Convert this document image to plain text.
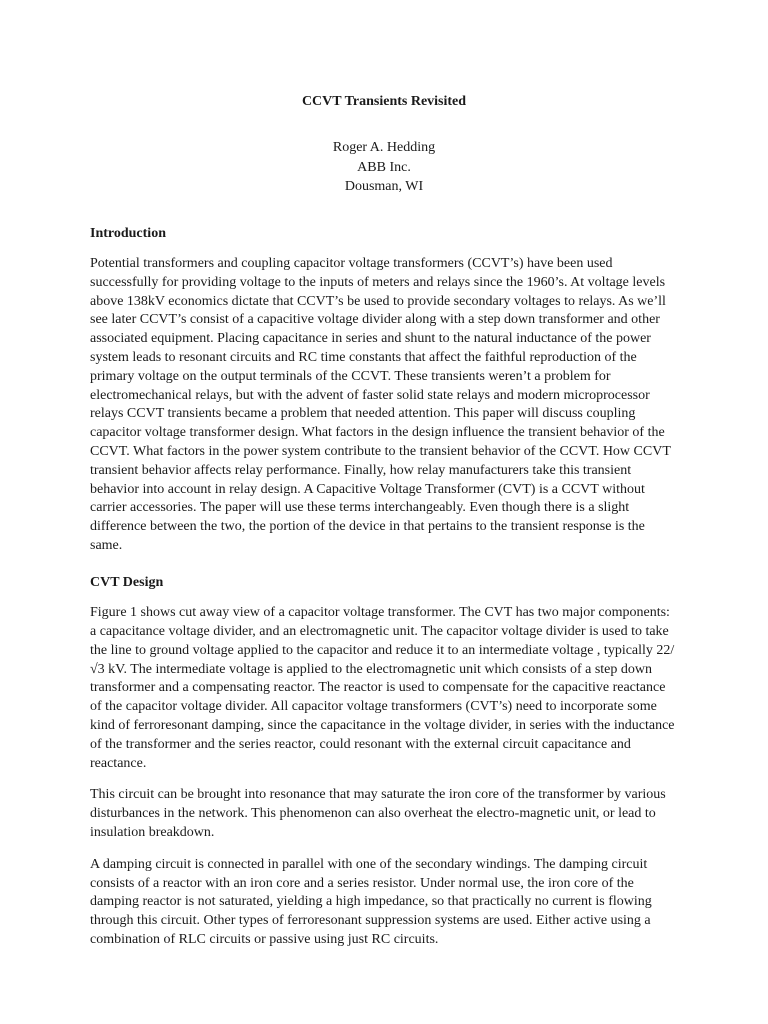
CCVT Transients Revisited
Roger A. Hedding
ABB Inc.
Dousman, WI
Introduction

Potential transformers and coupling capacitor voltage transformers (CCVT’s) have been used successfully for providing voltage to the inputs of meters and relays since the 1960’s. At voltage levels above 138kV economics dictate that CCVT’s be used to provide secondary voltages to relays. As we’ll see later CCVT’s consist of a capacitive voltage divider along with a step down transformer and other associated equipment. Placing capacitance in series and shunt to the natural inductance of the power system leads to resonant circuits and RC time constants that affect the faithful reproduction of the primary voltage on the output terminals of the CCVT. These transients weren’t a problem for electromechanical relays, but with the advent of faster solid state relays and modern microprocessor relays CCVT transients became a problem that needed attention. This paper will discuss coupling capacitor voltage transformer design. What factors in the design influence the transient behavior of the CCVT. What factors in the power system contribute to the transient behavior of the CCVT. How CCVT transient behavior affects relay performance. Finally, how relay manufacturers take this transient behavior into account in relay design. A Capacitive Voltage Transformer (CVT) is a CCVT without carrier accessories. The paper will use these terms interchangeably. Even though there is a slight difference between the two, the portion of the device in that pertains to the transient response is the same.

CVT Design

Figure 1 shows cut away view of a capacitor voltage transformer. The CVT has two major components: a capacitance voltage divider, and an electromagnetic unit. The capacitor voltage divider is used to take the line to ground voltage applied to the capacitor and reduce it to an intermediate voltage , typically 22/√3 kV. The intermediate voltage is applied to the electromagnetic unit which consists of a step down transformer and a compensating reactor. The reactor is used to compensate for the capacitive reactance of the capacitor voltage divider. All capacitor voltage transformers (CVT’s) need to incorporate some kind of ferroresonant damping, since the capacitance in the voltage divider, in series with the inductance of the transformer and the series reactor, could resonant with the external circuit capacitance and reactance.

This circuit can be brought into resonance that may saturate the iron core of the transformer by various disturbances in the network. This phenomenon can also overheat the electro-magnetic unit, or lead to insulation breakdown.

A damping circuit is connected in parallel with one of the secondary windings. The damping circuit consists of a reactor with an iron core and a series resistor. Under normal use, the iron core of the damping reactor is not saturated, yielding a high impedance, so that practically no current is flowing through this circuit. Other types of ferroresonant suppression systems are used. Either active using a combination of RLC circuits or passive using just RC circuits.
